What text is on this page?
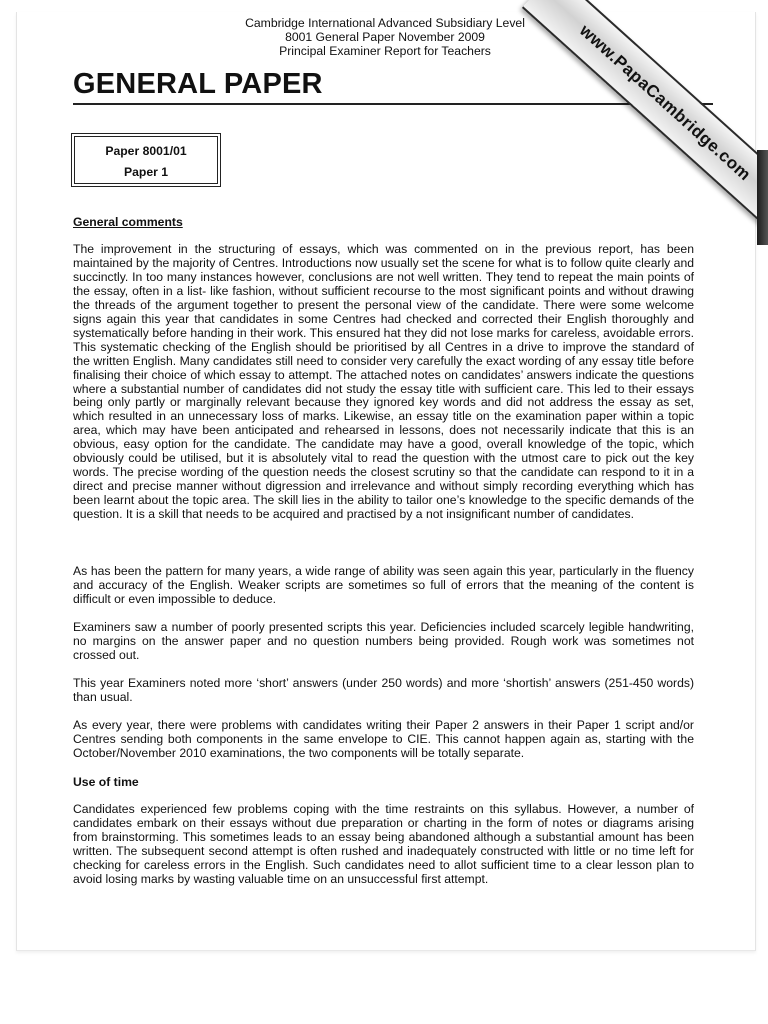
Cambridge International Advanced Subsidiary Level
8001 General Paper November 2009
Principal Examiner Report for Teachers
GENERAL PAPER
Paper 8001/01
Paper 1
General comments

The improvement in the structuring of essays, which was commented on in the previous report, has been maintained by the majority of Centres. Introductions now usually set the scene for what is to follow quite clearly and succinctly. In too many instances however, conclusions are not well written. They tend to repeat the main points of the essay, often in a list- like fashion, without sufficient recourse to the most significant points and without drawing the threads of the argument together to present the personal view of the candidate. There were some welcome signs again this year that candidates in some Centres had checked and corrected their English thoroughly and systematically before handing in their work. This ensured hat they did not lose marks for careless, avoidable errors. This systematic checking of the English should be prioritised by all Centres in a drive to improve the standard of the written English. Many candidates still need to consider very carefully the exact wording of any essay title before finalising their choice of which essay to attempt. The attached notes on candidates’ answers indicate the questions where a substantial number of candidates did not study the essay title with sufficient care. This led to their essays being only partly or marginally relevant because they ignored key words and did not address the essay as set, which resulted in an unnecessary loss of marks. Likewise, an essay title on the examination paper within a topic area, which may have been anticipated and rehearsed in lessons, does not necessarily indicate that this is an obvious, easy option for the candidate. The candidate may have a good, overall knowledge of the topic, which obviously could be utilised, but it is absolutely vital to read the question with the utmost care to pick out the key words. The precise wording of the question needs the closest scrutiny so that the candidate can respond to it in a direct and precise manner without digression and irrelevance and without simply recording everything which has been learnt about the topic area. The skill lies in the ability to tailor one’s knowledge to the specific demands of the question. It is a skill that needs to be acquired and practised by a not insignificant number of candidates.

As has been the pattern for many years, a wide range of ability was seen again this year, particularly in the fluency and accuracy of the English. Weaker scripts are sometimes so full of errors that the meaning of the content is difficult or even impossible to deduce.

Examiners saw a number of poorly presented scripts this year. Deficiencies included scarcely legible handwriting, no margins on the answer paper and no question numbers being provided. Rough work was sometimes not crossed out.

This year Examiners noted more ‘short’ answers (under 250 words) and more ‘shortish’ answers (251-450 words) than usual.

As every year, there were problems with candidates writing their Paper 2 answers in their Paper 1 script and/or Centres sending both components in the same envelope to CIE. This cannot happen again as, starting with the October/November 2010 examinations, the two components will be totally separate.

Use of time

Candidates experienced few problems coping with the time restraints on this syllabus. However, a number of candidates embark on their essays without due preparation or charting in the form of notes or diagrams arising from brainstorming. This sometimes leads to an essay being abandoned although a substantial amount has been written. The subsequent second attempt is often rushed and inadequately constructed with little or no time left for checking for careless errors in the English. Such candidates need to allot sufficient time to a clear lesson plan to avoid losing marks by wasting valuable time on an unsuccessful first attempt.

www.PapaCambridge.com
